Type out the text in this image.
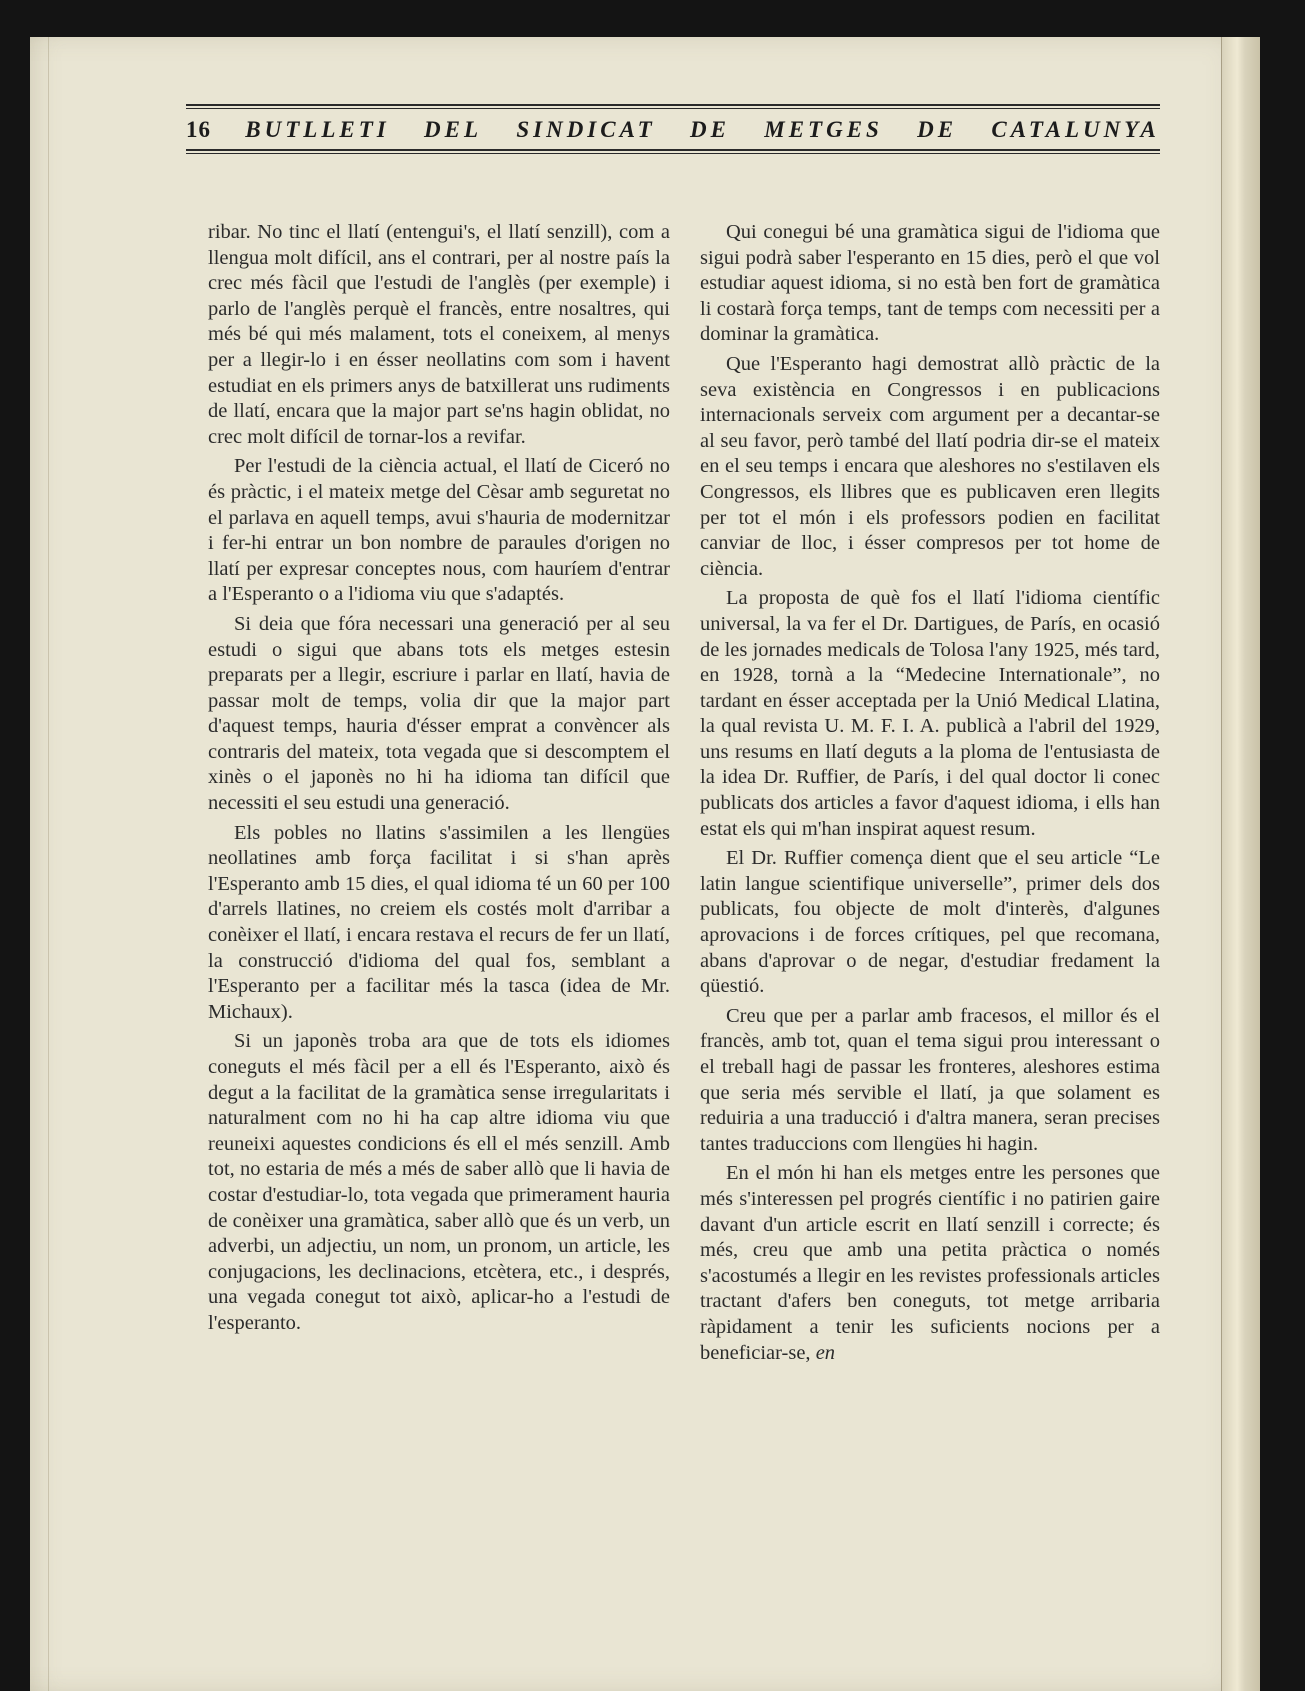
16 BUTLLETI DEL SINDICAT DE METGES DE CATALUNYA

ribar. No tinc el llatí (entengui's, el llatí senzill), com a llengua molt difícil, ans el contrari, per al nostre país la crec més fàcil que l'estudi de l'anglès (per exemple) i parlo de l'anglès perquè el francès, entre nosaltres, qui més bé qui més malament, tots el coneixem, al menys per a llegir-lo i en ésser neollatins com som i havent estudiat en els primers anys de batxillerat uns rudiments de llatí, encara que la major part se'ns hagin oblidat, no crec molt difícil de tornar-los a revifar.

Per l'estudi de la ciència actual, el llatí de Ciceró no és pràctic, i el mateix metge del Cèsar amb seguretat no el parlava en aquell temps, avui s'hauria de modernitzar i fer-hi entrar un bon nombre de paraules d'origen no llatí per expresar conceptes nous, com hauríem d'entrar a l'Esperanto o a l'idioma viu que s'adaptés.

Si deia que fóra necessari una generació per al seu estudi o sigui que abans tots els metges estesin preparats per a llegir, escriure i parlar en llatí, havia de passar molt de temps, volia dir que la major part d'aquest temps, hauria d'ésser emprat a convèncer als contraris del mateix, tota vegada que si descomptem el xinès o el japonès no hi ha idioma tan difícil que necessiti el seu estudi una generació.

Els pobles no llatins s'assimilen a les llengües neollatines amb força facilitat i si s'han après l'Esperanto amb 15 dies, el qual idioma té un 60 per 100 d'arrels llatines, no creiem els costés molt d'arribar a conèixer el llatí, i encara restava el recurs de fer un llatí, la construcció d'idioma del qual fos, semblant a l'Esperanto per a facilitar més la tasca (idea de Mr. Michaux).

Si un japonès troba ara que de tots els idiomes coneguts el més fàcil per a ell és l'Esperanto, això és degut a la facilitat de la gramàtica sense irregularitats i naturalment com no hi ha cap altre idioma viu que reuneixi aquestes condicions és ell el més senzill. Amb tot, no estaria de més a més de saber allò que li havia de costar d'estudiar-lo, tota vegada que primerament hauria de conèixer una gramàtica, saber allò que és un verb, un adverbi, un adjectiu, un nom, un pronom, un article, les conjugacions, les declinacions, etcètera, etc., i després, una vegada conegut tot això, aplicar-ho a l'estudi de l'esperanto.

Qui conegui bé una gramàtica sigui de l'idioma que sigui podrà saber l'esperanto en 15 dies, però el que vol estudiar aquest idioma, si no està ben fort de gramàtica li costarà força temps, tant de temps com necessiti per a dominar la gramàtica.

Que l'Esperanto hagi demostrat allò pràctic de la seva existència en Congressos i en publicacions internacionals serveix com argument per a decantar-se al seu favor, però també del llatí podria dir-se el mateix en el seu temps i encara que aleshores no s'estilaven els Congressos, els llibres que es publicaven eren llegits per tot el món i els professors podien en facilitat canviar de lloc, i ésser compresos per tot home de ciència.

La proposta de què fos el llatí l'idioma científic universal, la va fer el Dr. Dartigues, de París, en ocasió de les jornades medicals de Tolosa l'any 1925, més tard, en 1928, tornà a la “Medecine Internationale”, no tardant en ésser acceptada per la Unió Medical Llatina, la qual revista U. M. F. I. A. publicà a l'abril del 1929, uns resums en llatí deguts a la ploma de l'entusiasta de la idea Dr. Ruffier, de París, i del qual doctor li conec publicats dos articles a favor d'aquest idioma, i ells han estat els qui m'han inspirat aquest resum.

El Dr. Ruffier comença dient que el seu article “Le latin langue scientifique universelle”, primer dels dos publicats, fou objecte de molt d'interès, d'algunes aprovacions i de forces crítiques, pel que recomana, abans d'aprovar o de negar, d'estudiar fredament la qüestió.

Creu que per a parlar amb fracesos, el millor és el francès, amb tot, quan el tema sigui prou interessant o el treball hagi de passar les fronteres, aleshores estima que seria més servible el llatí, ja que solament es reduiria a una traducció i d'altra manera, seran precises tantes traduccions com llengües hi hagin.

En el món hi han els metges entre les persones que més s'interessen pel progrés científic i no patirien gaire davant d'un article escrit en llatí senzill i correcte; és més, creu que amb una petita pràctica o només s'acostumés a llegir en les revistes professionals articles tractant d'afers ben coneguts, tot metge arribaria ràpidament a tenir les suficients nocions per a beneficiar-se, en
